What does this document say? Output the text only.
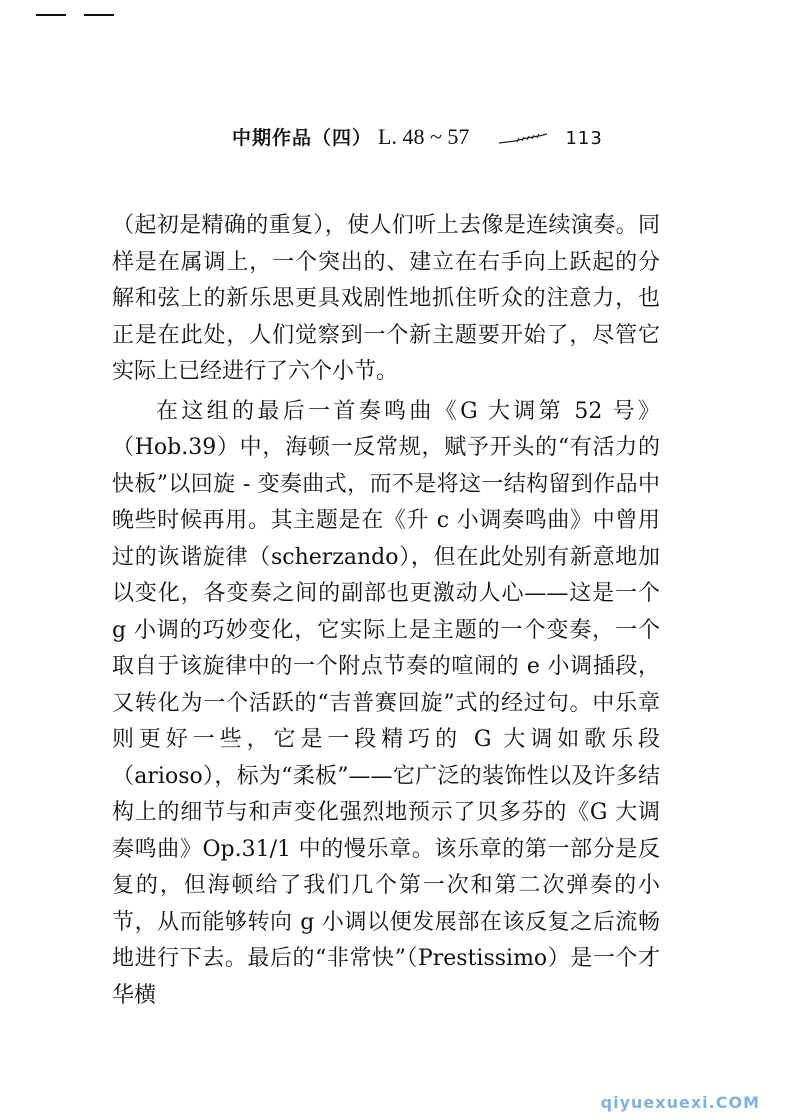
中期作品（四） L. 48 ~ 57	113

（起初是精确的重复），使人们听上去像是连续演奏。同样是在属调上，一个突出的、建立在右手向上跃起的分解和弦上的新乐思更具戏剧性地抓住听众的注意力，也正是在此处，人们觉察到一个新主题要开始了，尽管它实际上已经进行了六个小节。

在这组的最后一首奏鸣曲《G 大调第 52 号》（Hob.39）中，海顿一反常规，赋予开头的“有活力的快板”以回旋 - 变奏曲式，而不是将这一结构留到作品中晚些时候再用。其主题是在《升 c 小调奏鸣曲》中曾用过的诙谐旋律（scherzando），但在此处别有新意地加以变化，各变奏之间的副部也更激动人心——这是一个 g 小调的巧妙变化，它实际上是主题的一个变奏，一个取自于该旋律中的一个附点节奏的喧闹的 e 小调插段，又转化为一个活跃的“吉普赛回旋”式的经过句。中乐章则更好一些，它是一段精巧的 G 大调如歌乐段（arioso），标为“柔板”——它广泛的装饰性以及许多结构上的细节与和声变化强烈地预示了贝多芬的《G 大调奏鸣曲》Op.31/1 中的慢乐章。该乐章的第一部分是反复的，但海顿给了我们几个第一次和第二次弹奏的小节，从而能够转向 g 小调以便发展部在该反复之后流畅地进行下去。最后的“非常快”（Prestissimo）是一个才华横

qiyuexuexi.COM
